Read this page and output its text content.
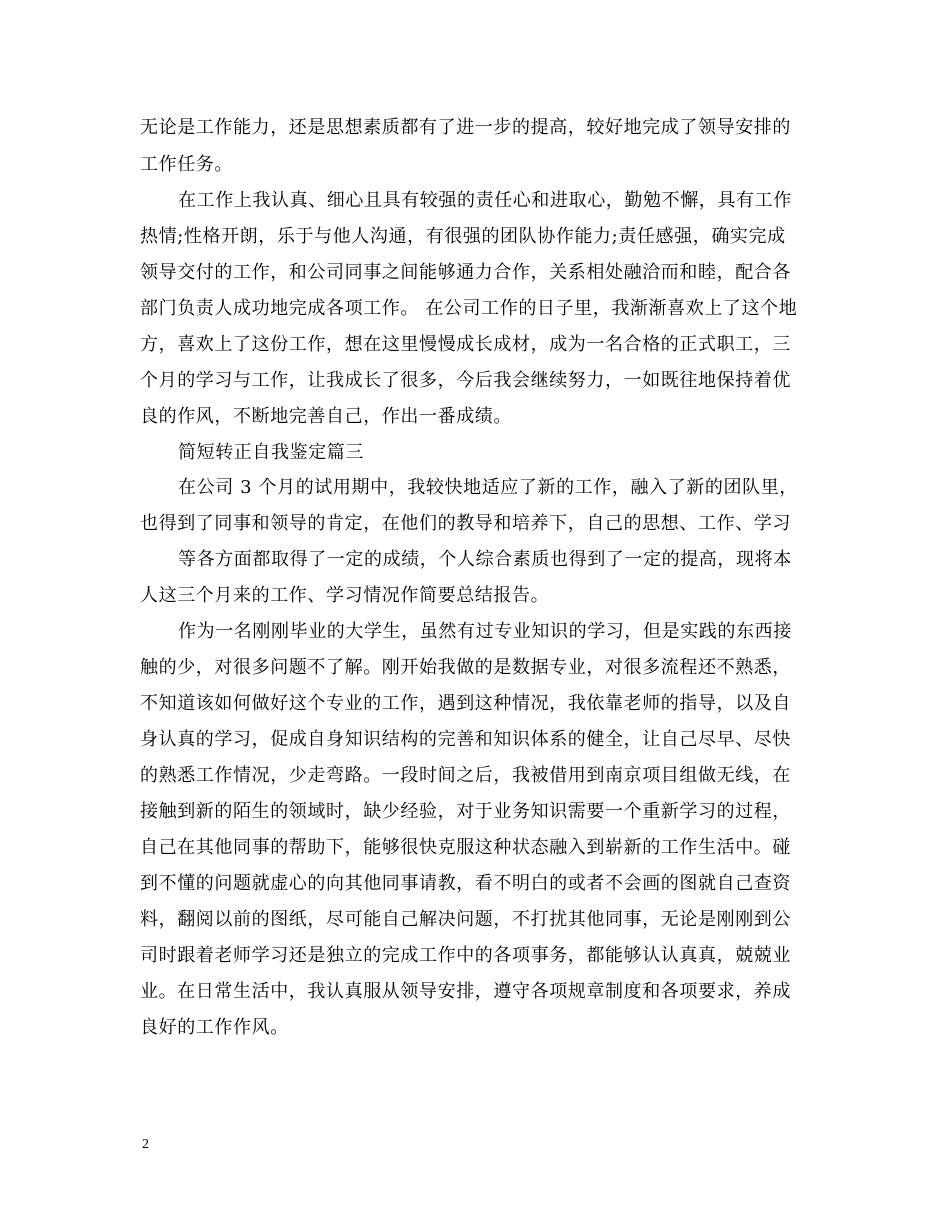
无论是工作能力，还是思想素质都有了进一步的提高，较好地完成了领导安排的
工作任务。
在工作上我认真、细心且具有较强的责任心和进取心，勤勉不懈，具有工作
热情;性格开朗，乐于与他人沟通，有很强的团队协作能力;责任感强，确实完成
领导交付的工作，和公司同事之间能够通力合作，关系相处融洽而和睦，配合各
部门负责人成功地完成各项工作。 在公司工作的日子里，我渐渐喜欢上了这个地
方，喜欢上了这份工作，想在这里慢慢成长成材，成为一名合格的正式职工，三
个月的学习与工作，让我成长了很多，今后我会继续努力，一如既往地保持着优
良的作风，不断地完善自己，作出一番成绩。
简短转正自我鉴定篇三
在公司 3 个月的试用期中，我较快地适应了新的工作，融入了新的团队里，
也得到了同事和领导的肯定，在他们的教导和培养下，自己的思想、工作、学习
等各方面都取得了一定的成绩，个人综合素质也得到了一定的提高，现将本
人这三个月来的工作、学习情况作简要总结报告。
作为一名刚刚毕业的大学生，虽然有过专业知识的学习，但是实践的东西接
触的少，对很多问题不了解。刚开始我做的是数据专业，对很多流程还不熟悉，
不知道该如何做好这个专业的工作，遇到这种情况，我依靠老师的指导，以及自
身认真的学习，促成自身知识结构的完善和知识体系的健全，让自己尽早、尽快
的熟悉工作情况，少走弯路。一段时间之后，我被借用到南京项目组做无线，在
接触到新的陌生的领域时，缺少经验，对于业务知识需要一个重新学习的过程，
自己在其他同事的帮助下，能够很快克服这种状态融入到崭新的工作生活中。碰
到不懂的问题就虚心的向其他同事请教，看不明白的或者不会画的图就自己查资
料，翻阅以前的图纸，尽可能自己解决问题，不打扰其他同事，无论是刚刚到公
司时跟着老师学习还是独立的完成工作中的各项事务，都能够认认真真，兢兢业
业。在日常生活中，我认真服从领导安排，遵守各项规章制度和各项要求，养成
良好的工作作风。
2
